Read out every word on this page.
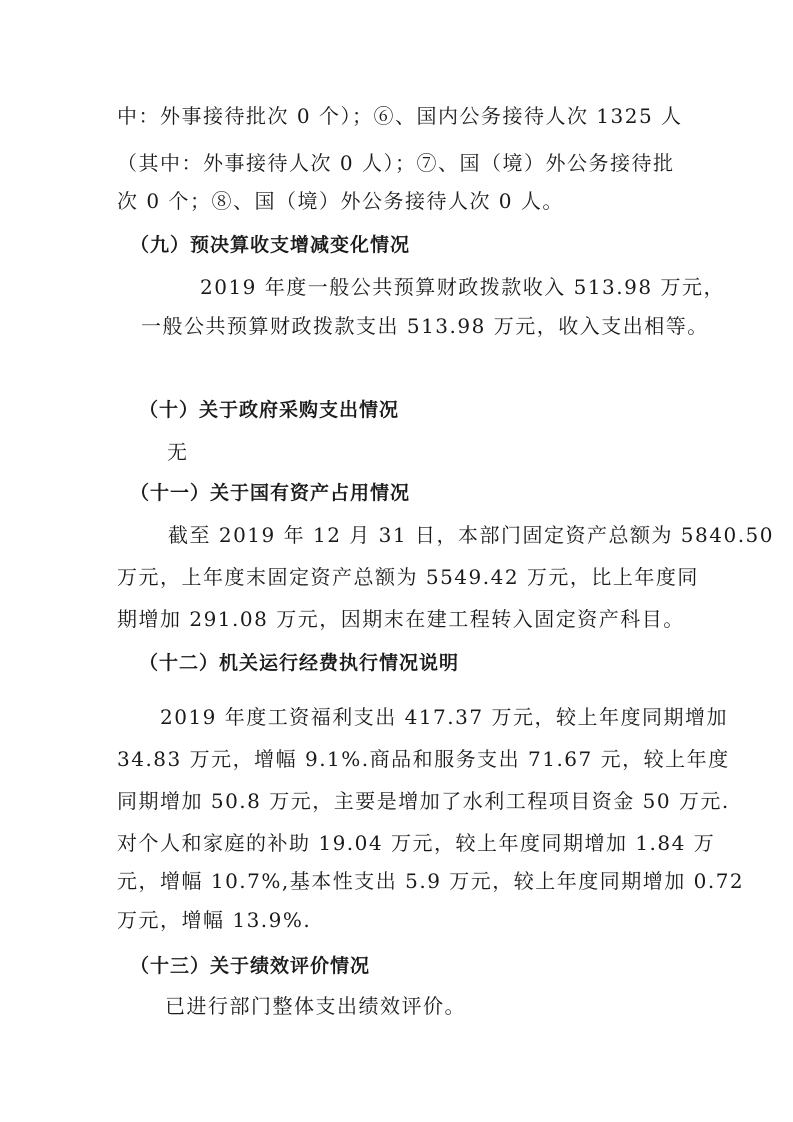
中：外事接待批次 0 个）；⑥、国内公务接待人次 1325 人
（其中：外事接待人次 0 人）；⑦、国（境）外公务接待批
次 0 个；⑧、国（境）外公务接待人次 0 人。
（九）预决算收支增减变化情况
2019 年度一般公共预算财政拨款收入 513.98 万元，
一般公共预算财政拨款支出 513.98 万元，收入支出相等。
（十）关于政府采购支出情况
无
（十一）关于国有资产占用情况
截至 2019 年 12 月 31 日，本部门固定资产总额为 5840.50
万元，上年度末固定资产总额为 5549.42 万元，比上年度同
期增加 291.08 万元，因期末在建工程转入固定资产科目。
（十二）机关运行经费执行情况说明
2019 年度工资福利支出 417.37 万元，较上年度同期增加
34.83 万元，增幅 9.1%.商品和服务支出 71.67 元，较上年度
同期增加 50.8 万元，主要是增加了水利工程项目资金 50 万元.
对个人和家庭的补助 19.04 万元，较上年度同期增加 1.84 万
元，增幅 10.7%,基本性支出 5.9 万元，较上年度同期增加 0.72
万元，增幅 13.9%.
（十三）关于绩效评价情况
已进行部门整体支出绩效评价。
